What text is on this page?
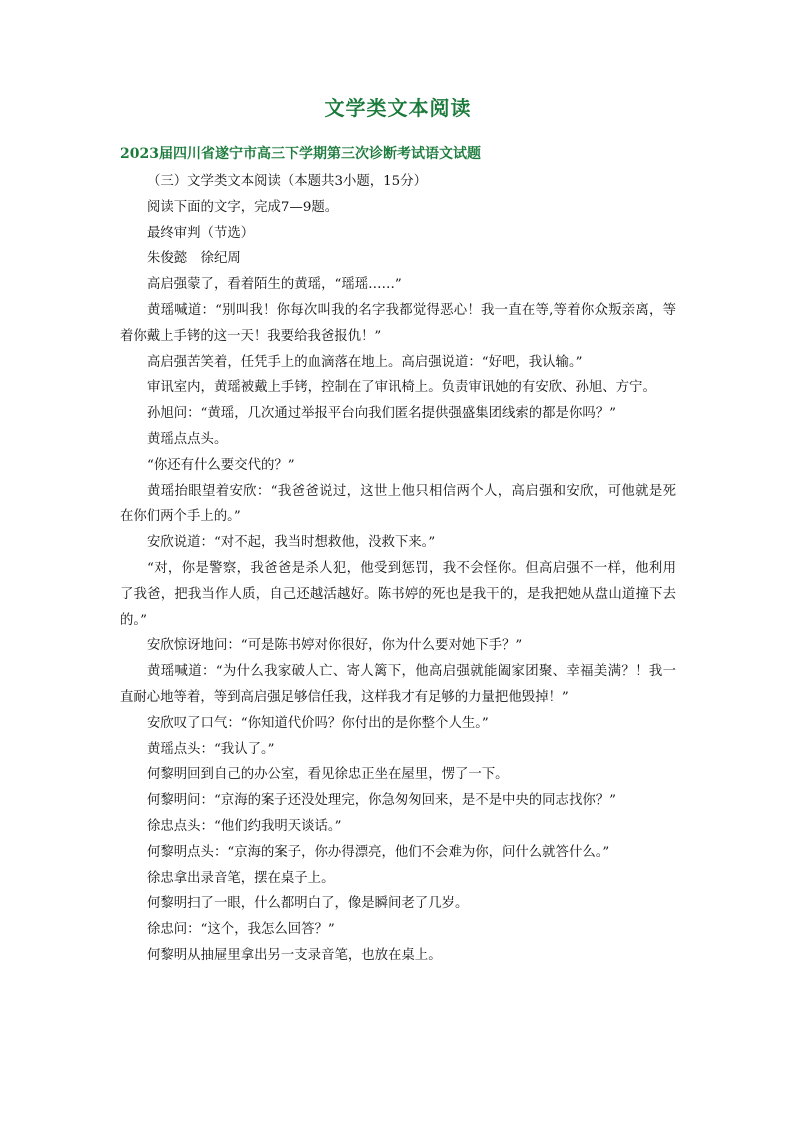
文学类文本阅读
2023届四川省遂宁市高三下学期第三次诊断考试语文试题

（三）文学类文本阅读（本题共3小题，15分）

阅读下面的文字，完成7—9题。

最终审判（节选）

朱俊懿　徐纪周

高启强蒙了，看着陌生的黄瑶，“瑶瑶……”

黄瑶喊道：“别叫我！你每次叫我的名字我都觉得恶心！我一直在等,等着你众叛亲离，等着你戴上手铐的这一天！我要给我爸报仇！”

高启强苦笑着，任凭手上的血滴落在地上。高启强说道：“好吧，我认输。”

审讯室内，黄瑶被戴上手铐，控制在了审讯椅上。负责审讯她的有安欣、孙旭、方宁。

孙旭问：“黄瑶，几次通过举报平台向我们匿名提供强盛集团线索的都是你吗？”

黄瑶点点头。

“你还有什么要交代的？”

黄瑶抬眼望着安欣：“我爸爸说过，这世上他只相信两个人，高启强和安欣，可他就是死在你们两个手上的。”

安欣说道：“对不起，我当时想救他，没救下来。”

“对，你是警察，我爸爸是杀人犯，他受到惩罚，我不会怪你。但高启强不一样，他利用了我爸，把我当作人质，自己还越活越好。陈书婷的死也是我干的，是我把她从盘山道撞下去的。”

安欣惊讶地问：“可是陈书婷对你很好，你为什么要对她下手？”

黄瑶喊道：“为什么我家破人亡、寄人篱下，他高启强就能阖家团聚、幸福美满？！我一直耐心地等着，等到高启强足够信任我，这样我才有足够的力量把他毁掉！”

安欣叹了口气：“你知道代价吗？你付出的是你整个人生。”

黄瑶点头：“我认了。”

何黎明回到自己的办公室，看见徐忠正坐在屋里，愣了一下。

何黎明问：“京海的案子还没处理完，你急匆匆回来，是不是中央的同志找你？”

徐忠点头：“他们约我明天谈话。”

何黎明点头：“京海的案子，你办得漂亮，他们不会难为你，问什么就答什么。”

徐忠拿出录音笔，摆在桌子上。

何黎明扫了一眼，什么都明白了，像是瞬间老了几岁。

徐忠问：“这个，我怎么回答？”

何黎明从抽屉里拿出另一支录音笔，也放在桌上。
